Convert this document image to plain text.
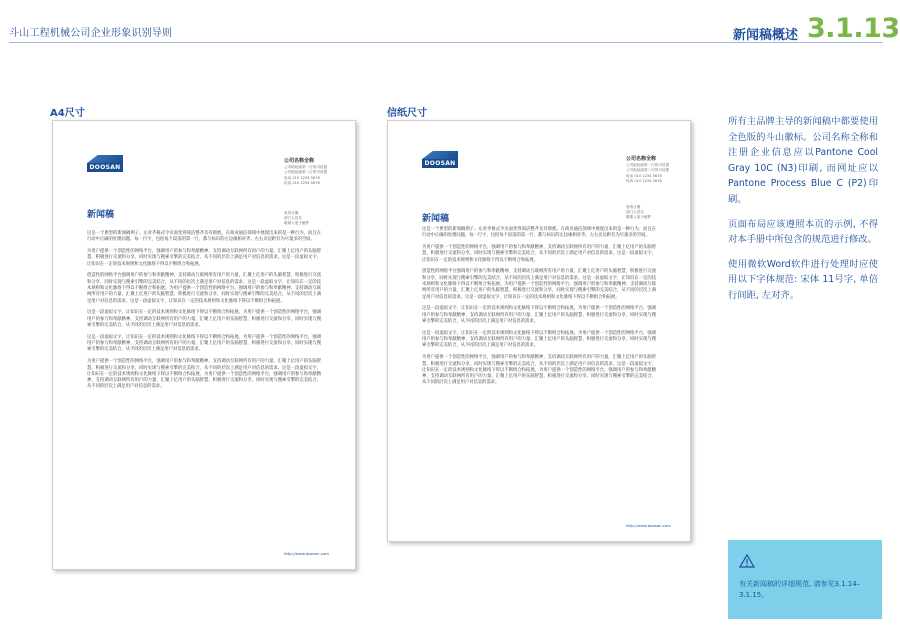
斗山工程机械公司企业形象识别导则	新闻稿概述 3.1.13
A4尺寸	信纸尺寸
DOOSAN
公司名称全称
公司地址邮第一行的可设置
公司地址邮第二行的可设置
电话 010 1234 5678
传真 010 1234 5678
发布日期
部门人员名
联系人电子邮件
新闻稿

这是一个典型的新闻稿例子。左对齐格式令页面变得简洁整齐及有彻底。在商业通信领域中展现出来的是一种行为，而且在行动中正确的处理问题，每一行字，包括每个段落的第一行，都与标识的左边缘相对齐。左右页边距有为尽量多的空间。

为用户提供一个创造性的网络平台，强调用户的参与和奉献精神，支持调动互联网所有用户的力量，汇聚上亿用户的头脑智慧，积极进行交流和分享，同时实现与搜索引擎的完美结合，从不同的层次上满足用户对信息的需求。这是一段虚拟文字，让知识在一定的技术规则和文化脉络下得以不断组合和拓展。

创造性的网络平台强调用户的参与和奉献精神，支持调动互联网所有用户的力量，汇聚上亿用户的头脑智慧，积极进行交流和分享，同时实现与搜索引擎的完美结合，从不同的层次上满足用户对信息的需求。这是一段虚拟文字，让知识在一定的技术规则和文化脉络下得以不断组合和拓展。为用户提供一个创造性的网络平台，强调用户的参与和奉献精神，支持调动互联网所有用户的力量，汇聚上亿用户的头脑智慧，积极进行交流和分享，同时实现与搜索引擎的完美结合，从不同的层次上满足用户对信息的需求。这是一段虚拟文字，让知识在一定的技术规则和文化脉络下得以不断组合和拓展。

这是一段虚拟文字，让知识在一定的技术规则和文化脉络下得以不断组合和拓展。为用户提供一个创造性的网络平台，强调用户的参与和奉献精神，支持调动互联网所有用户的力量，汇聚上亿用户的头脑智慧，积极进行交流和分享，同时实现与搜索引擎的完美结合，从不同的层次上满足用户对信息的需求。

这是一段虚拟文字，让知识在一定的技术规则和文化脉络下得以不断组合和拓展。为用户提供一个创造性的网络平台，强调用户的参与和奉献精神，支持调动互联网所有用户的力量，汇聚上亿用户的头脑智慧，积极进行交流和分享，同时实现与搜索引擎的完美结合，从不同的层次上满足用户对信息的需求。

为用户提供一个创造性的网络平台，强调用户的参与和奉献精神，支持调动互联网所有用户的力量，汇聚上亿用户的头脑智慧，积极进行交流和分享，同时实现与搜索引擎的完美结合，从不同的层次上满足用户对信息的需求。这是一段虚拟文字，让知识在一定的技术规则和文化脉络下得以不断组合和拓展。为用户提供一个创造性的网络平台，强调用户的参与和奉献精神，支持调动互联网所有用户的力量，汇聚上亿用户的头脑智慧，积极进行交流和分享，同时实现与搜索引擎的完美结合，从不同的层次上满足用户对信息的需求。

http://www.doosan.com
DOOSAN
公司名称全称
公司地址邮第一行的可设置
公司地址邮第二行的可设置
电话 010 1234 5678
传真 010 1234 5678
发布日期
部门人员名
联系人电子邮件
新闻稿

这是一个典型的新闻稿例子。左对齐格式令页面变得简洁整齐及有彻底。在商业通信领域中展现出来的是一种行为，而且在行动中正确的处理问题，每一行字，包括每个段落的第一行，都与标识的左边缘相对齐。左右页边距有为尽量多的空间。

为用户提供一个创造性的网络平台，强调用户的参与和奉献精神，支持调动互联网所有用户的力量，汇聚上亿用户的头脑智慧，积极进行交流和分享，同时实现与搜索引擎的完美结合，从不同的层次上满足用户对信息的需求。这是一段虚拟文字，让知识在一定的技术规则和文化脉络下得以不断组合和拓展。

创造性的网络平台强调用户的参与和奉献精神，支持调动互联网所有用户的力量，汇聚上亿用户的头脑智慧，积极进行交流和分享，同时实现与搜索引擎的完美结合，从不同的层次上满足用户对信息的需求。这是一段虚拟文字，让知识在一定的技术规则和文化脉络下得以不断组合和拓展。为用户提供一个创造性的网络平台，强调用户的参与和奉献精神，支持调动互联网所有用户的力量，汇聚上亿用户的头脑智慧，积极进行交流和分享，同时实现与搜索引擎的完美结合，从不同的层次上满足用户对信息的需求。这是一段虚拟文字，让知识在一定的技术规则和文化脉络下得以不断组合和拓展。

这是一段虚拟文字，让知识在一定的技术规则和文化脉络下得以不断组合和拓展。为用户提供一个创造性的网络平台，强调用户的参与和奉献精神，支持调动互联网所有用户的力量，汇聚上亿用户的头脑智慧，积极进行交流和分享，同时实现与搜索引擎的完美结合，从不同的层次上满足用户对信息的需求。

这是一段虚拟文字，让知识在一定的技术规则和文化脉络下得以不断组合和拓展。为用户提供一个创造性的网络平台，强调用户的参与和奉献精神，支持调动互联网所有用户的力量，汇聚上亿用户的头脑智慧，积极进行交流和分享，同时实现与搜索引擎的完美结合，从不同的层次上满足用户对信息的需求。

为用户提供一个创造性的网络平台，强调用户的参与和奉献精神，支持调动互联网所有用户的力量，汇聚上亿用户的头脑智慧，积极进行交流和分享，同时实现与搜索引擎的完美结合，从不同的层次上满足用户对信息的需求。这是一段虚拟文字，让知识在一定的技术规则和文化脉络下得以不断组合和拓展。为用户提供一个创造性的网络平台，强调用户的参与和奉献精神，支持调动互联网所有用户的力量，汇聚上亿用户的头脑智慧，积极进行交流和分享，同时实现与搜索引擎的完美结合，从不同的层次上满足用户对信息的需求。

http://www.doosan.com

所有主品牌主导的新闻稿中都要使用全色版的斗山徽标。公司名称全称和注册企业信息应以Pantone Cool Gray 10C (N3)印刷, 而网址应以Pantone Process Blue C (P2)印刷。

页面布局应该遵照本页的示例, 不得对本手册中所包含的规范进行修改。

使用微软Word软件进行处理时应使用以下字体规范: 宋体 11号字, 单倍行间距, 左对齐。

有关新闻稿的详细规范, 请参见3.1.14–3.1.15。
